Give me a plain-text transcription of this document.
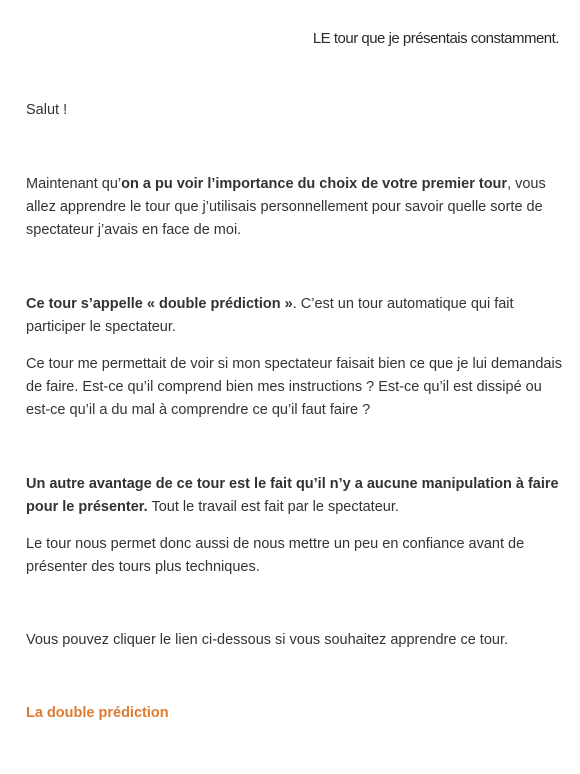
LE tour que je présentais constamment.
Salut !
Maintenant qu’on a pu voir l’importance du choix de votre premier tour, vous allez apprendre le tour que j’utilisais personnellement pour savoir quelle sorte de spectateur j’avais en face de moi.
Ce tour s’appelle « double prédiction ». C’est un tour automatique qui fait participer le spectateur.
Ce tour me permettait de voir si mon spectateur faisait bien ce que je lui demandais de faire. Est-ce qu’il comprend bien mes instructions ? Est-ce qu’il est dissipé ou est-ce qu’il a du mal à comprendre ce qu’il faut faire ?
Un autre avantage de ce tour est le fait qu’il n’y a aucune manipulation à faire pour le présenter. Tout le travail est fait par le spectateur.
Le tour nous permet donc aussi de nous mettre un peu en confiance avant de présenter des tours plus techniques.
Vous pouvez cliquer le lien ci-dessous si vous souhaitez apprendre ce tour.
La double prédiction
